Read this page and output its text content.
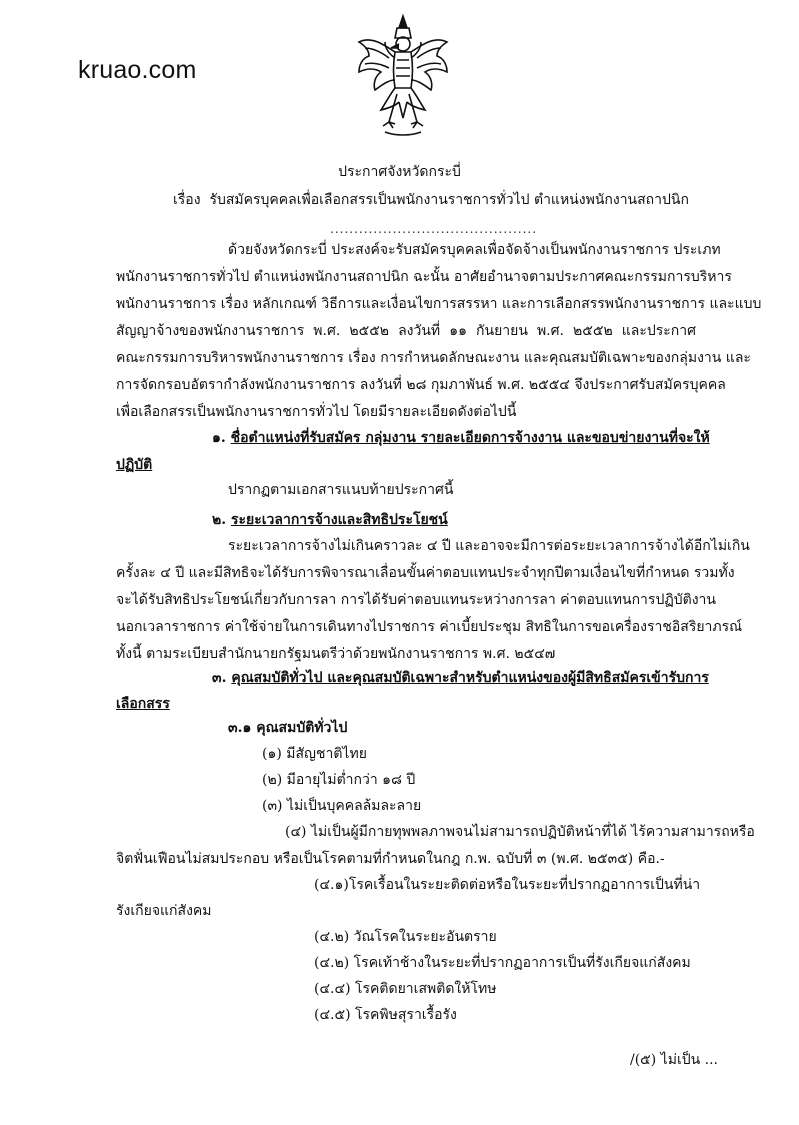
kruao.com
ประกาศจังหวัดกระบี่
เรื่อง รับสมัครบุคคลเพื่อเลือกสรรเป็นพนักงานราชการทั่วไป ตำแหน่งพนักงานสถาปนิก
...........................................
ด้วยจังหวัดกระบี่ ประสงค์จะรับสมัครบุคคลเพื่อจัดจ้างเป็นพนักงานราชการ ประเภท
พนักงานราชการทั่วไป ตำแหน่งพนักงานสถาปนิก ฉะนั้น อาศัยอำนาจตามประกาศคณะกรรมการบริหาร
พนักงานราชการ เรื่อง หลักเกณฑ์ วิธีการและเงื่อนไขการสรรหา และการเลือกสรรพนักงานราชการ และแบบ
สัญญาจ้างของพนักงานราชการ พ.ศ. ๒๕๕๒ ลงวันที่ ๑๑ กันยายน พ.ศ. ๒๕๕๒ และประกาศ
คณะกรรมการบริหารพนักงานราชการ เรื่อง การกำหนดลักษณะงาน และคุณสมบัติเฉพาะของกลุ่มงาน และ
การจัดกรอบอัตรากำลังพนักงานราชการ ลงวันที่ ๒๘ กุมภาพันธ์ พ.ศ. ๒๕๕๔ จึงประกาศรับสมัครบุคคล
เพื่อเลือกสรรเป็นพนักงานราชการทั่วไป โดยมีรายละเอียดดังต่อไปนี้
๑. ชื่อตำแหน่งที่รับสมัคร กลุ่มงาน รายละเอียดการจ้างงาน และขอบข่ายงานที่จะให้
ปฏิบัติ
ปรากฏตามเอกสารแนบท้ายประกาศนี้
๒. ระยะเวลาการจ้างและสิทธิประโยชน์
ระยะเวลาการจ้างไม่เกินคราวละ ๔ ปี และอาจจะมีการต่อระยะเวลาการจ้างได้อีกไม่เกิน
ครั้งละ ๔ ปี และมีสิทธิจะได้รับการพิจารณาเลื่อนขั้นค่าตอบแทนประจำทุกปีตามเงื่อนไขที่กำหนด รวมทั้ง
จะได้รับสิทธิประโยชน์เกี่ยวกับการลา การได้รับค่าตอบแทนระหว่างการลา ค่าตอบแทนการปฏิบัติงาน
นอกเวลาราชการ ค่าใช้จ่ายในการเดินทางไปราชการ ค่าเบี้ยประชุม สิทธิในการขอเครื่องราชอิสริยาภรณ์
ทั้งนี้ ตามระเบียบสำนักนายกรัฐมนตรีว่าด้วยพนักงานราชการ พ.ศ. ๒๕๔๗
๓. คุณสมบัติทั่วไป และคุณสมบัติเฉพาะสำหรับตำแหน่งของผู้มีสิทธิสมัครเข้ารับการ
เลือกสรร
๓.๑ คุณสมบัติทั่วไป
(๑) มีสัญชาติไทย
(๒) มีอายุไม่ต่ำกว่า ๑๘ ปี
(๓) ไม่เป็นบุคคลล้มละลาย
(๔) ไม่เป็นผู้มีกายทุพพลภาพจนไม่สามารถปฏิบัติหน้าที่ได้ ไร้ความสามารถหรือ
จิตฟั่นเฟือนไม่สมประกอบ หรือเป็นโรคตามที่กำหนดในกฎ ก.พ. ฉบับที่ ๓ (พ.ศ. ๒๕๓๕) คือ.-
(๔.๑)โรคเรื้อนในระยะติดต่อหรือในระยะที่ปรากฏอาการเป็นที่น่า
รังเกียจแก่สังคม
(๔.๒) วัณโรคในระยะอันตราย
(๔.๒) โรคเท้าช้างในระยะที่ปรากฏอาการเป็นที่รังเกียจแก่สังคม
(๔.๔) โรคติดยาเสพติดให้โทษ
(๔.๕) โรคพิษสุราเรื้อรัง
/(๕) ไม่เป็น ...
